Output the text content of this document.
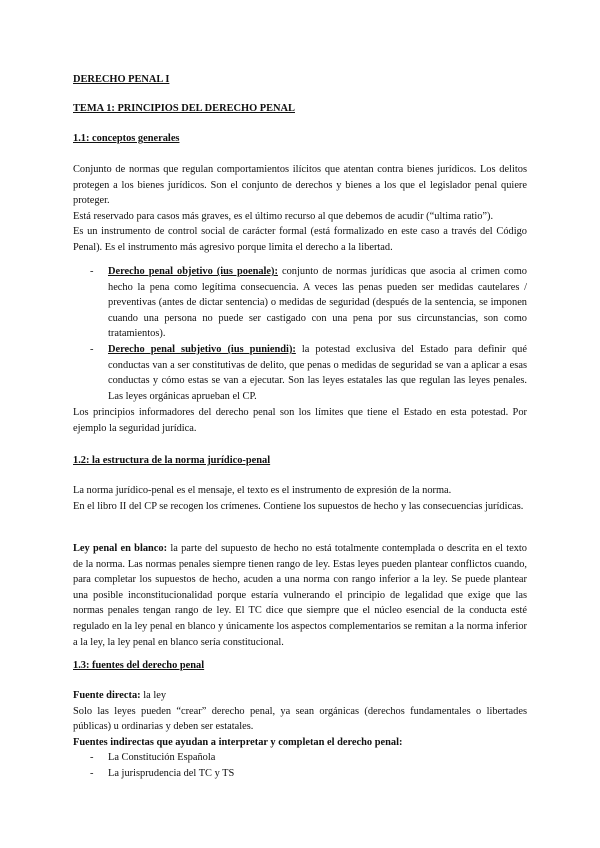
DERECHO PENAL I
TEMA 1: PRINCIPIOS DEL DERECHO PENAL
1.1: conceptos generales
Conjunto de normas que regulan comportamientos ilícitos que atentan contra bienes jurídicos. Los delitos protegen a los bienes jurídicos. Son el conjunto de derechos y bienes a los que el legislador penal quiere proteger.
Está reservado para casos más graves, es el último recurso al que debemos de acudir (“ultima ratio”).
Es un instrumento de control social de carácter formal (está formalizado en este caso a través del Código Penal). Es el instrumento más agresivo porque limita el derecho a la libertad.
- Derecho penal objetivo (ius poenale): conjunto de normas jurídicas que asocia al crimen como hecho la pena como legítima consecuencia. A veces las penas pueden ser medidas cautelares / preventivas (antes de dictar sentencia) o medidas de seguridad (después de la sentencia, se imponen cuando una persona no puede ser castigado con una pena por sus circunstancias, son como tratamientos).
- Derecho penal subjetivo (ius puniendi): la potestad exclusiva del Estado para definir qué conductas van a ser constitutivas de delito, que penas o medidas de seguridad se van a aplicar a esas conductas y cómo estas se van a ejecutar. Son las leyes estatales las que regulan las leyes penales. Las leyes orgánicas aprueban el CP.
Los principios informadores del derecho penal son los límites que tiene el Estado en esta potestad. Por ejemplo la seguridad jurídica.
1.2: la estructura de la norma jurídico-penal
La norma jurídico-penal es el mensaje, el texto es el instrumento de expresión de la norma.
En el libro II del CP se recogen los crímenes. Contiene los supuestos de hecho y las consecuencias jurídicas.
Ley penal en blanco: la parte del supuesto de hecho no está totalmente contemplada o descrita en el texto de la norma. Las normas penales siempre tienen rango de ley. Estas leyes pueden plantear conflictos cuando, para completar los supuestos de hecho, acuden a una norma con rango inferior a la ley. Se puede plantear una posible inconstitucionalidad porque estaría vulnerando el principio de legalidad que exige que las normas penales tengan rango de ley. El TC dice que siempre que el núcleo esencial de la conducta esté regulado en la ley penal en blanco y únicamente los aspectos complementarios se remitan a la norma inferior a la ley, la ley penal en blanco sería constitucional.
1.3: fuentes del derecho penal
Fuente directa: la ley
Solo las leyes pueden “crear” derecho penal, ya sean orgánicas (derechos fundamentales o libertades públicas) u ordinarias y deben ser estatales.
Fuentes indirectas que ayudan a interpretar y completan el derecho penal:
- La Constitución Española
- La jurisprudencia del TC y TS
